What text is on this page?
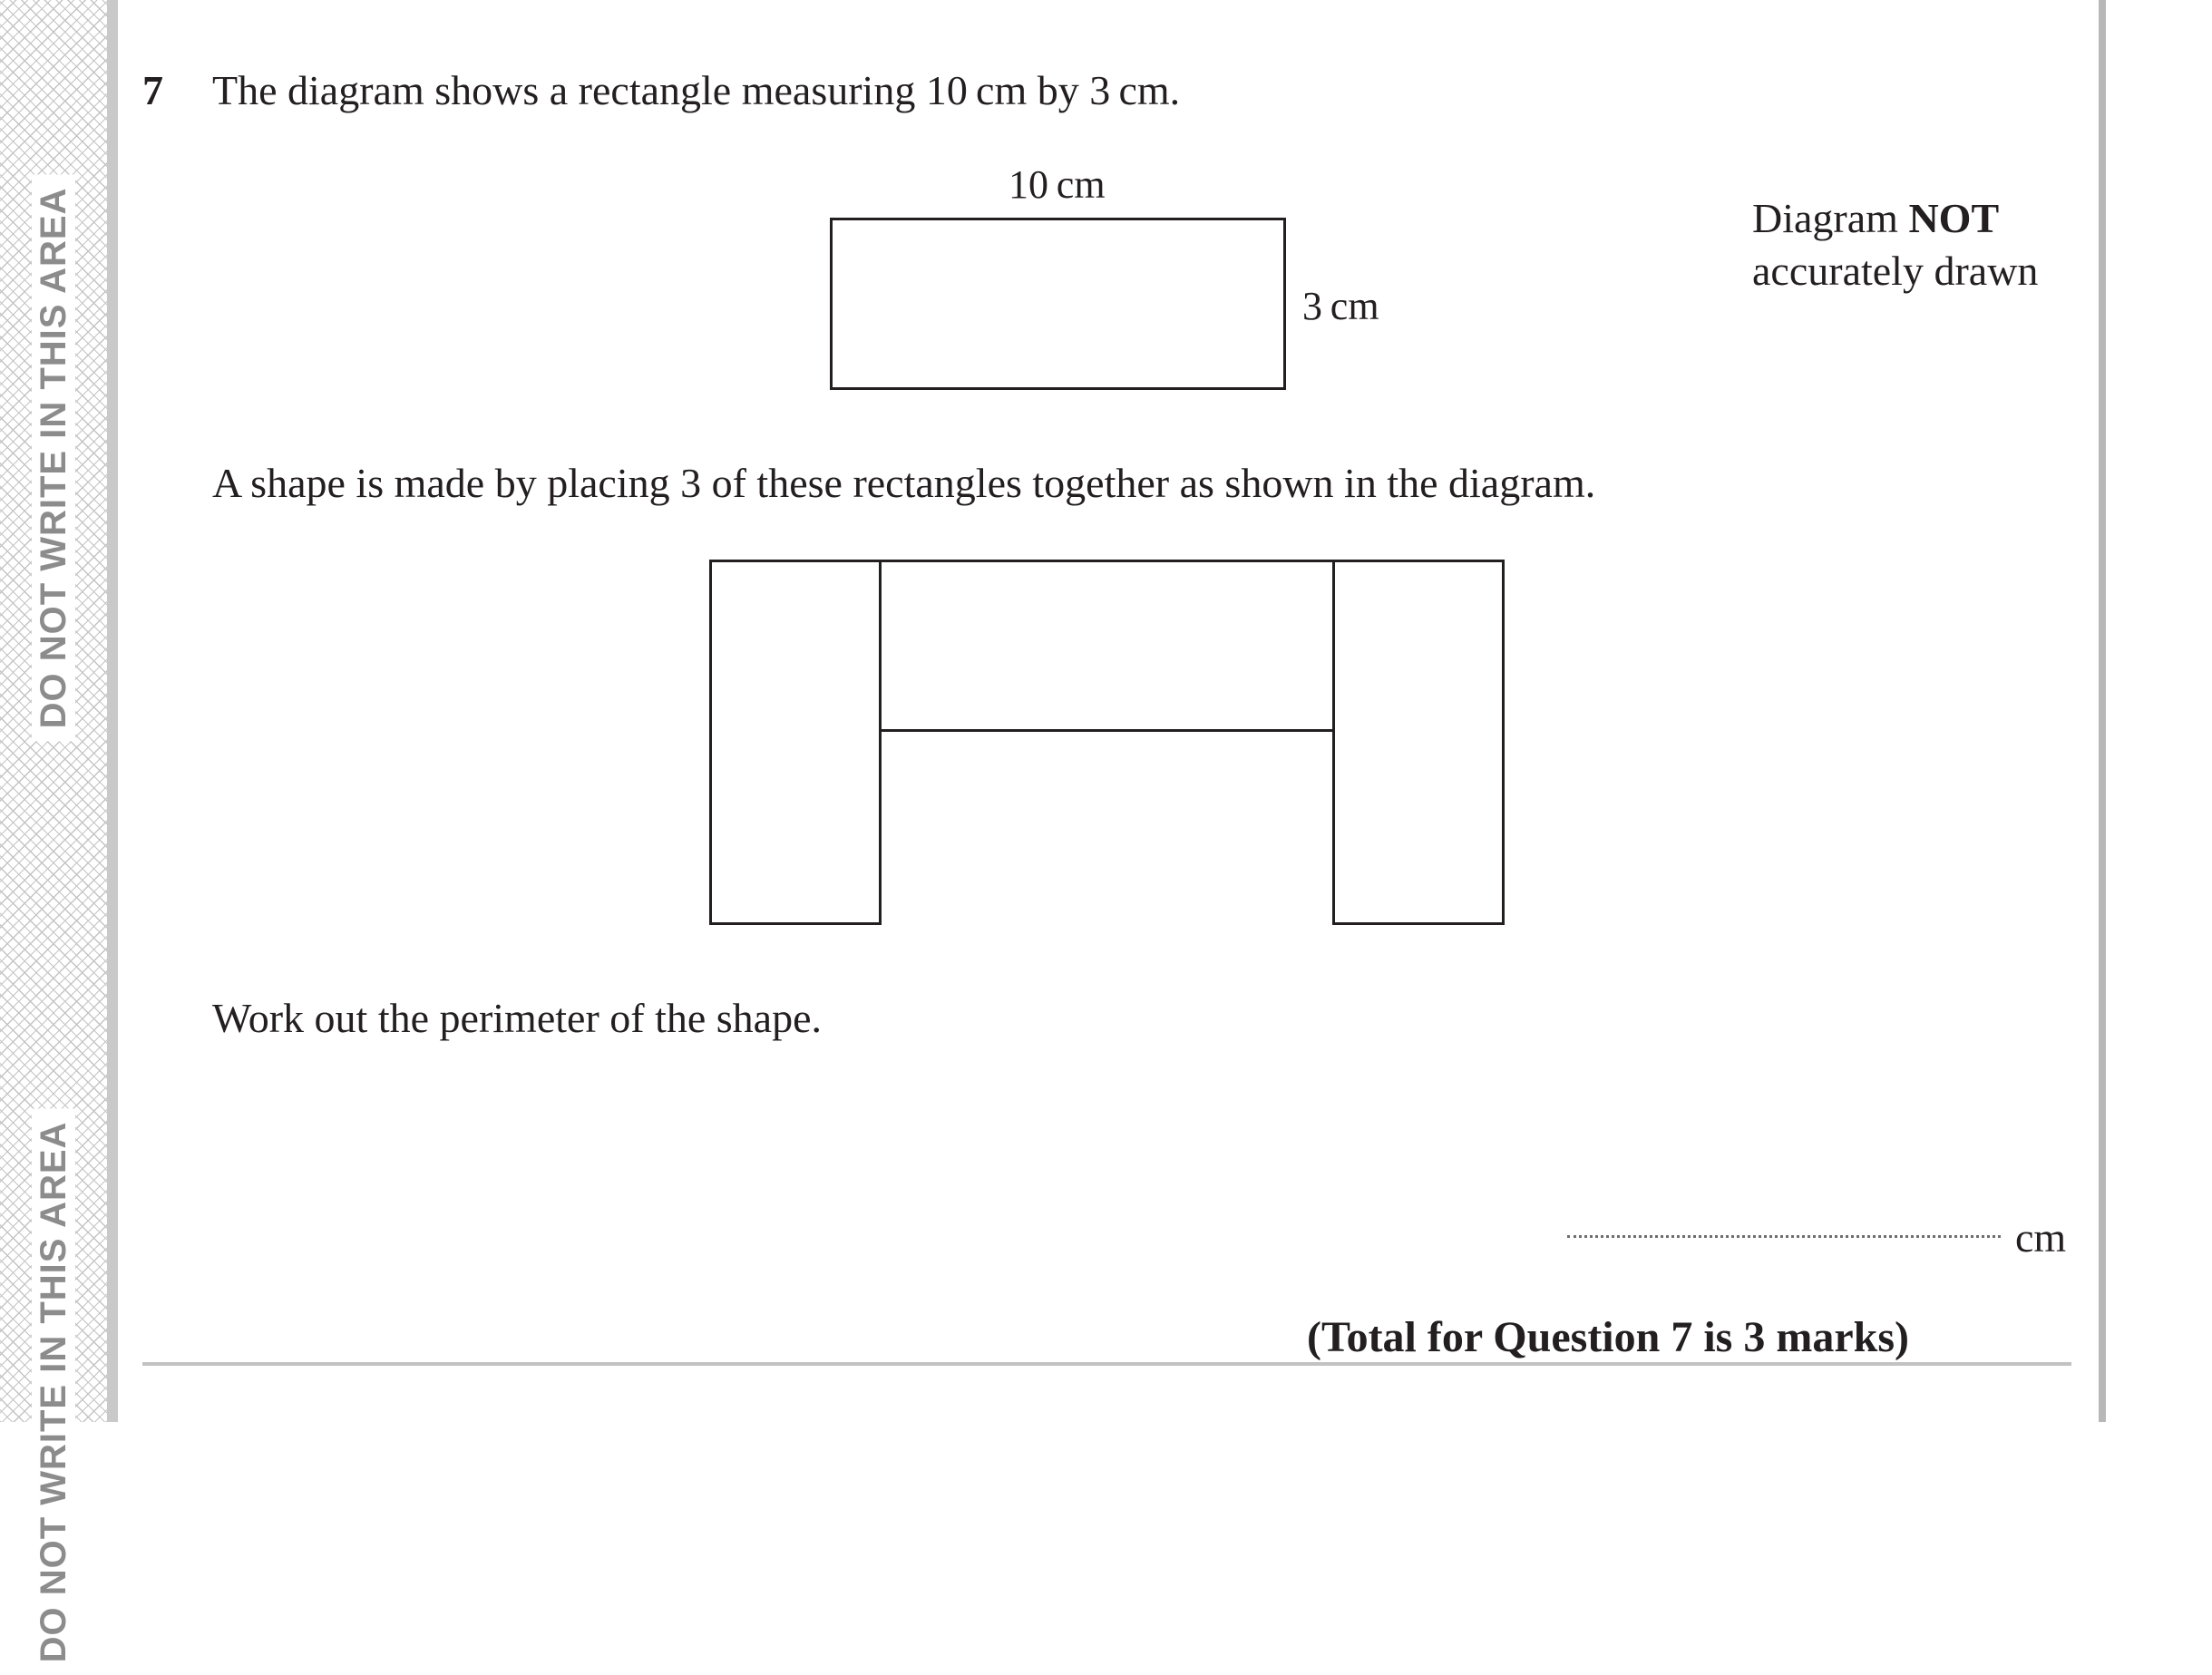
DO NOT WRITE IN THIS AREA
DO NOT WRITE IN THIS AREA
7 The diagram shows a rectangle measuring 10 cm by 3 cm.
10 cm
3 cm
Diagram NOT
accurately drawn
A shape is made by placing 3 of these rectangles together as shown in the diagram.
Work out the perimeter of the shape.
cm
(Total for Question 7 is 3 marks)
